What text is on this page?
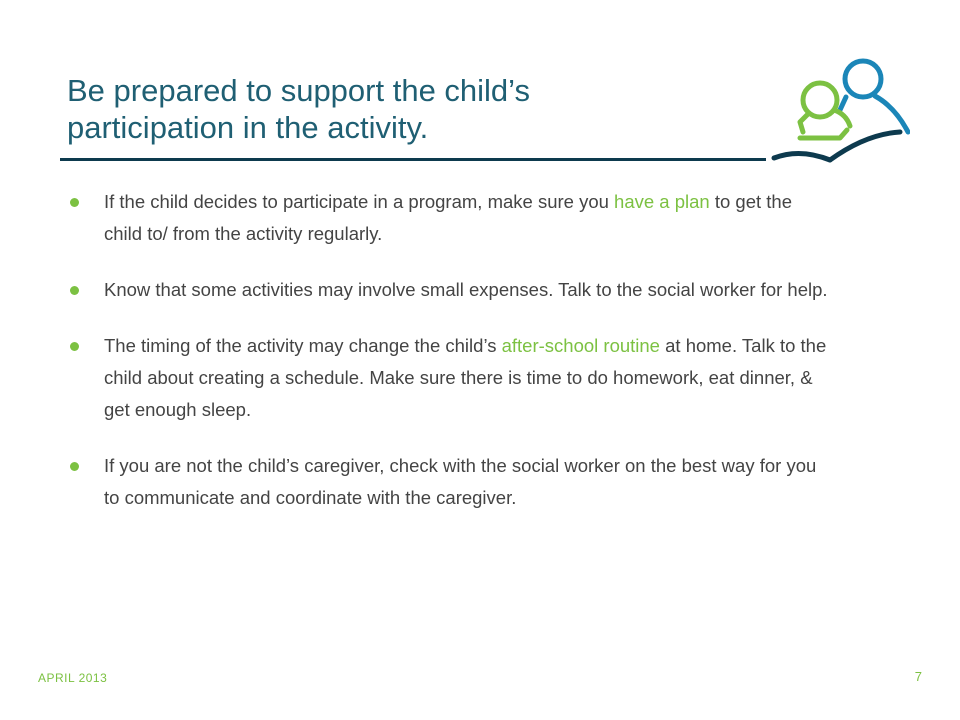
Be prepared to support the child’s
participation in the activity.
If the child decides to participate in a program, make sure you have a plan to get the child to/ from the activity regularly.
Know that some activities may involve small expenses. Talk to the social worker for help.
The timing of the activity may change the child’s after-school routine at home. Talk to the child about creating a schedule. Make sure there is time to do homework, eat dinner, & get enough sleep.
If you are not the child’s caregiver, check with the social worker on the best way for you to communicate and coordinate with the caregiver.
APRIL 2013	7
